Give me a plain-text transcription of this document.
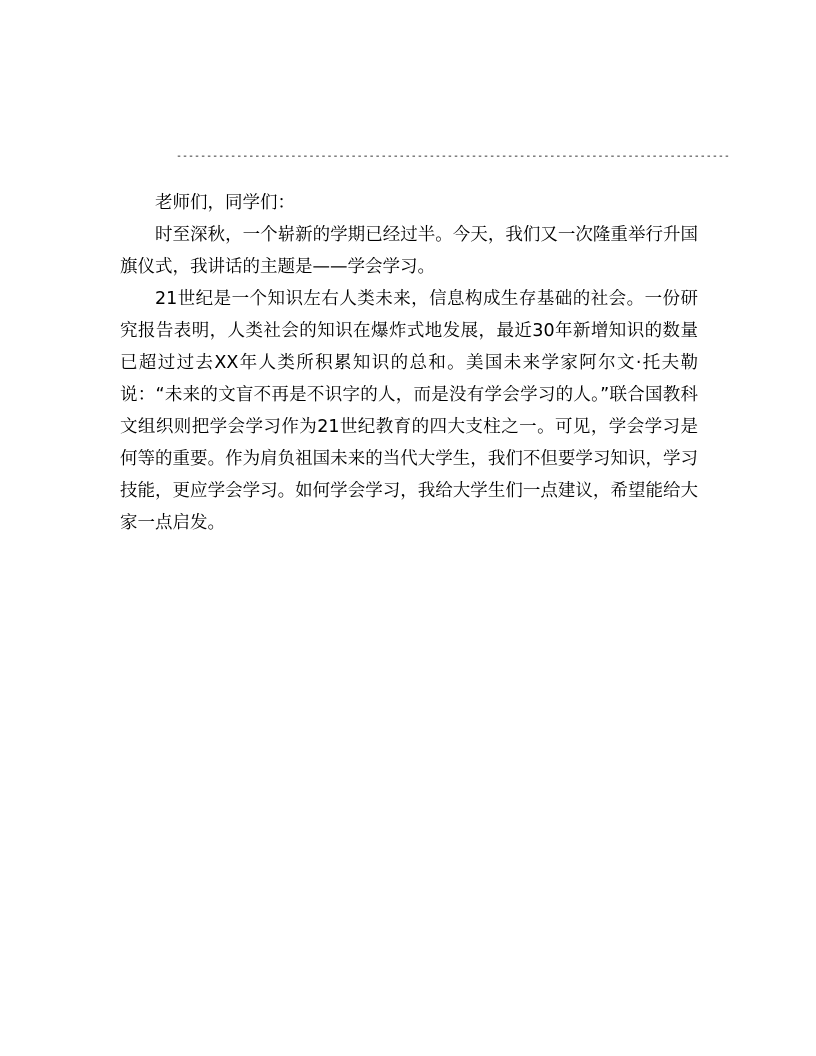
--------------------------------------------------------------------------------------------

老师们，同学们：

时至深秋，一个崭新的学期已经过半。今天，我们又一次隆重举行升国旗仪式，我讲话的主题是——学会学习。

21世纪是一个知识左右人类未来，信息构成生存基础的社会。一份研究报告表明，人类社会的知识在爆炸式地发展，最近30年新增知识的数量已超过过去XX年人类所积累知识的总和。美国未来学家阿尔文·托夫勒说：“未来的文盲不再是不识字的人，而是没有学会学习的人。”联合国教科文组织则把学会学习作为21世纪教育的四大支柱之一。可见，学会学习是何等的重要。作为肩负祖国未来的当代大学生，我们不但要学习知识，学习技能，更应学会学习。如何学会学习，我给大学生们一点建议，希望能给大家一点启发。
